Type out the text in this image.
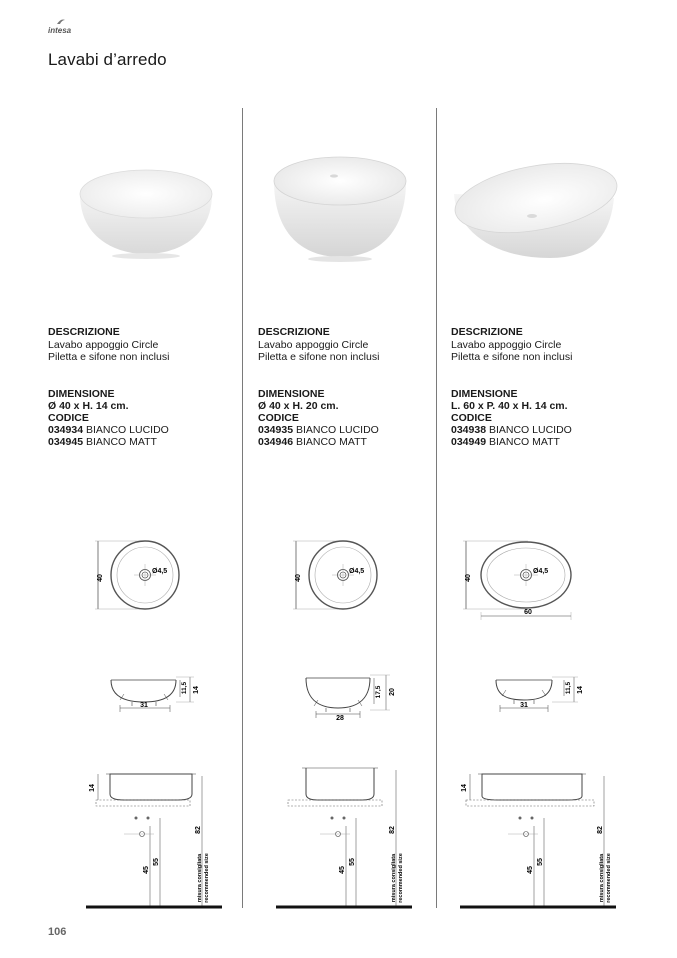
intesa
Lavabi d’arredo
DESCRIZIONE
Lavabo appoggio Circle
Piletta e sifone non inclusi
DIMENSIONE
Ø 40 x H. 14 cm.
CODICE
034934 BIANCO LUCIDO
034945 BIANCO MATT
40
Ø4,5
31
11,5 14
14
45
55
82
misura consigliata recommended size
DESCRIZIONE
Lavabo appoggio Circle
Piletta e sifone non inclusi
DIMENSIONE
Ø 40 x H. 20 cm.
CODICE
034935 BIANCO LUCIDO
034946 BIANCO MATT
40
Ø4,5
28
17,5 20
45
55
82
misura consigliata recommended size
DESCRIZIONE
Lavabo appoggio Circle
Piletta e sifone non inclusi
DIMENSIONE
L. 60 x P. 40 x H. 14 cm.
CODICE
034938 BIANCO LUCIDO
034949 BIANCO MATT
40
Ø4,5
60
31
11,5 14
14
45
55
82
misura consigliata recommended size
106
